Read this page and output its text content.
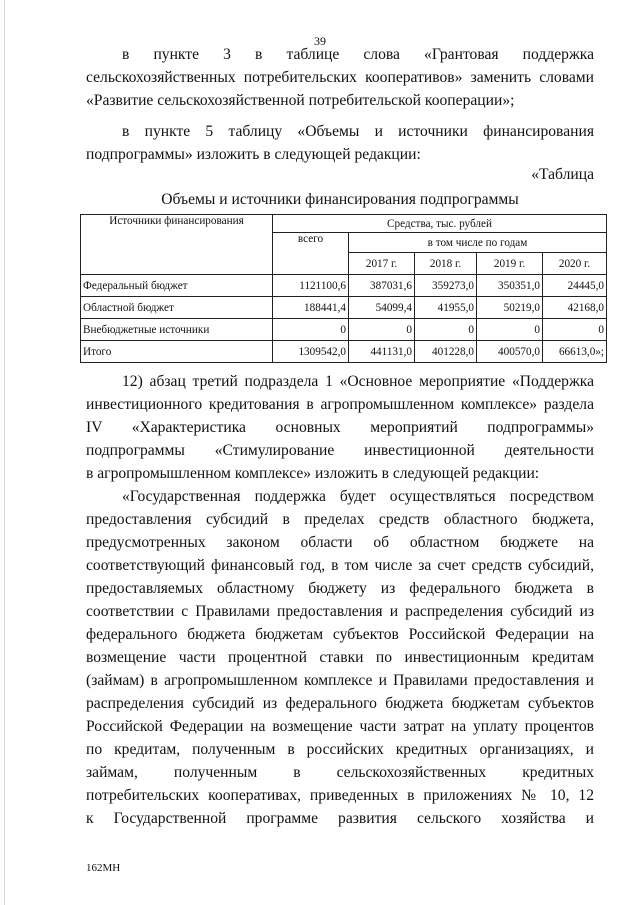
39
в пункте 3 в таблице слова «Грантовая поддержка
сельскохозяйственных потребительских кооперативов» заменить словами
«Развитие сельскохозяйственной потребительской кооперации»;
в пункте 5 таблицу «Объемы и источники финансирования
подпрограммы» изложить в следующей редакции:
«Таблица
Объемы и источники финансирования подпрограммы
Источники финансирования	Средства, тыс. рублей				
	всего	в том числе по годам			
		2017 г.	2018 г.	2019 г.	2020 г.
Федеральный бюджет	1121100,6	387031,6	359273,0	350351,0	24445,0
Областной бюджет	188441,4	54099,4	41955,0	50219,0	42168,0
Внебюджетные источники	0	0	0	0	0
Итого	1309542,0	441131,0	401228,0	400570,0	66613,0»;
12) абзац третий подраздела 1 «Основное мероприятие «Поддержка
инвестиционного кредитования в агропромышленном комплексе» раздела
IV «Характеристика основных мероприятий подпрограммы»
подпрограммы «Стимулирование инвестиционной деятельности
в агропромышленном комплексе» изложить в следующей редакции:
«Государственная поддержка будет осуществляться посредством
предоставления субсидий в пределах средств областного бюджета,
предусмотренных законом области об областном бюджете на
соответствующий финансовый год, в том числе за счет средств субсидий,
предоставляемых областному бюджету из федерального бюджета в
соответствии с Правилами предоставления и распределения субсидий из
федерального бюджета бюджетам субъектов Российской Федерации на
возмещение части процентной ставки по инвестиционным кредитам
(займам) в агропромышленном комплексе и Правилами предоставления и
распределения субсидий из федерального бюджета бюджетам субъектов
Российской Федерации на возмещение части затрат на уплату процентов
по кредитам, полученным в российских кредитных организациях, и
займам, полученным в сельскохозяйственных кредитных
потребительских кооперативах, приведенных в приложениях № 10, 12
к Государственной программе развития сельского хозяйства и
162МН
